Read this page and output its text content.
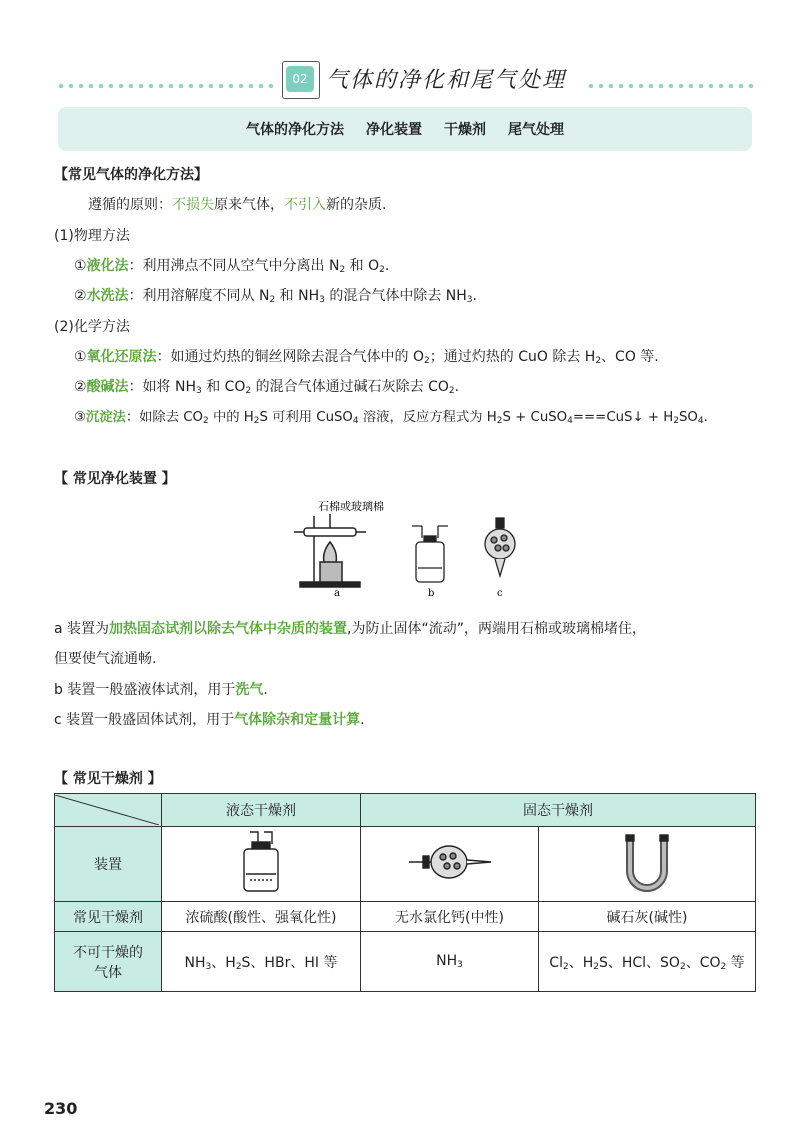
02 气体的净化和尾气处理
气体的净化方法 净化装置 干燥剂 尾气处理
【常见气体的净化方法】
遵循的原则：不损失原来气体，不引入新的杂质.
(1)物理方法
①液化法：利用沸点不同从空气中分离出 $N_2$ 和 $O_2$.
②水洗法：利用溶解度不同从 $N_2$ 和 $NH_3$ 的混合气体中除去 $NH_3$.
(2)化学方法
①氧化还原法：如通过灼热的铜丝网除去混合气体中的 $O_2$；通过灼热的 CuO 除去 $H_2$、CO 等.
②酸碱法：如将 $NH_3$ 和 $CO_2$ 的混合气体通过碱石灰除去 $CO_2$.
③沉淀法：如除去 $CO_2$ 中的 $H_2S$ 可利用 CuSO$_4$ 溶液，反应方程式为 $H_2S$ + CuSO$_4$===CuS↓ + $H_2SO_4$.
【 常见净化装置 】
石棉或玻璃棉
a	b	c
a 装置为加热固态试剂以除去气体中杂质的装置,为防止固体“流动”，两端用石棉或玻璃棉堵住，
但要使气流通畅.
b 装置一般盛液体试剂，用于洗气.
c 装置一般盛固体试剂，用于气体除杂和定量计算.
【 常见干燥剂 】
	液态干燥剂	固态干燥剂	
装置			
常见干燥剂	浓硫酸(酸性、强氧化性)	无水氯化钙(中性)	碱石灰(碱性)
不可干燥的
气体	$NH_3$、$H_2S$、HBr、HI 等	$NH_3$	$Cl_2$、$H_2S$、HCl、$SO_2$、$CO_2$ 等
230
